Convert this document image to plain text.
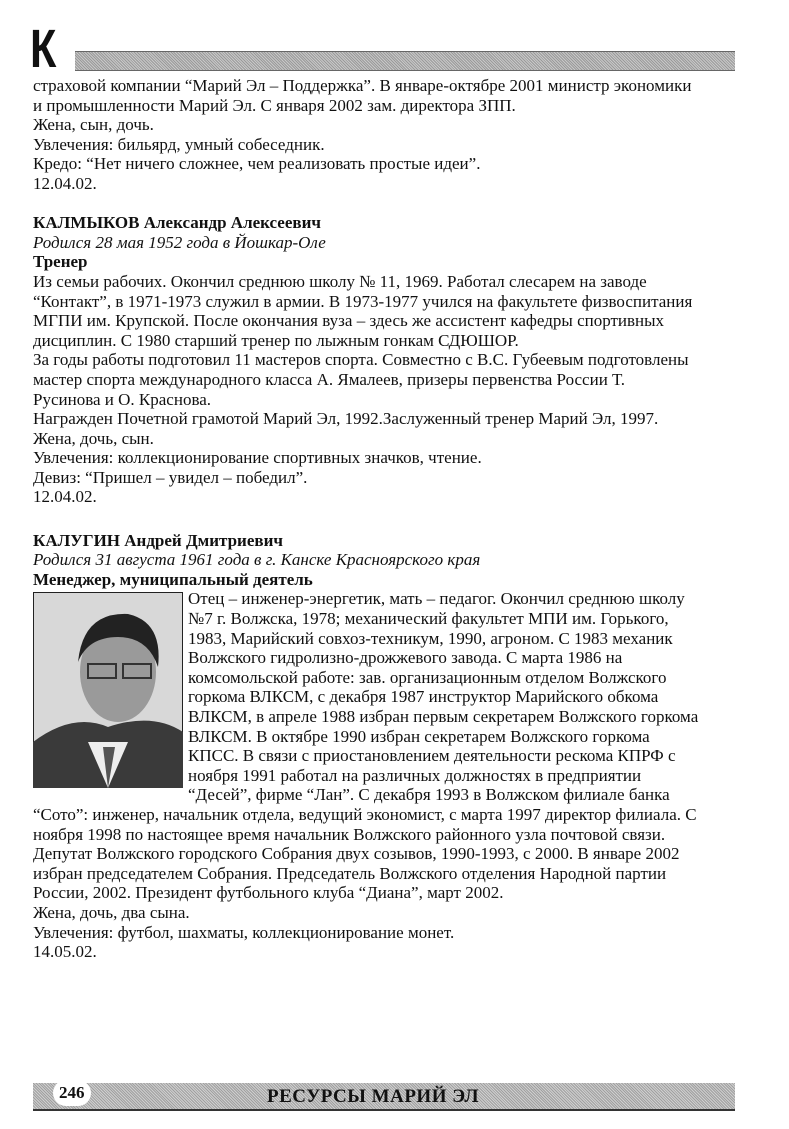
К
страховой компании “Марий Эл – Поддержка”. В январе-октябре 2001 министр экономики
и промышленности Марий Эл. С января 2002 зам. директора ЗПП.
Жена, сын, дочь.
Увлечения: бильярд, умный собеседник.
Кредо: “Нет ничего сложнее, чем реализовать простые идеи”.
12.04.02.
КАЛМЫКОВ Александр Алексеевич
Родился 28 мая 1952 года в Йошкар-Оле
Тренер
Из семьи рабочих. Окончил среднюю школу № 11, 1969. Работал слесарем на заводе
“Контакт”, в 1971-1973 служил в армии. В 1973-1977 учился на факультете физвоспитания
МГПИ им. Крупской. После окончания вуза – здесь же ассистент кафедры спортивных
дисциплин. С 1980 старший тренер по лыжным гонкам СДЮШОР.
За годы работы подготовил 11 мастеров спорта. Совместно с В.С. Губеевым подготовлены
мастер спорта международного класса А. Ямалеев, призеры первенства России Т.
Русинова и О. Краснова.
Награжден Почетной грамотой Марий Эл, 1992.Заслуженный тренер Марий Эл, 1997.
Жена, дочь, сын.
Увлечения: коллекционирование спортивных значков, чтение.
Девиз: “Пришел – увидел – победил”.
12.04.02.
КАЛУГИН Андрей Дмитриевич
Родился 31 августа 1961 года в г. Канске Красноярского края
Менеджер, муниципальный деятель
Отец – инженер-энергетик, мать – педагог. Окончил среднюю школу
№7 г. Волжска, 1978; механический факультет МПИ им. Горького,
1983, Марийский совхоз-техникум, 1990, агроном. С 1983 механик
Волжского гидролизно-дрожжевого завода. С марта 1986 на
комсомольской работе: зав. организационным отделом Волжского
горкома ВЛКСМ, с декабря 1987 инструктор Марийского обкома
ВЛКСМ, в апреле 1988 избран первым секретарем Волжского горкома
ВЛКСМ. В октябре 1990 избран секретарем Волжского горкома
КПСС. В связи с приостановлением деятельности рескома КПРФ с
ноября 1991 работал на различных должностях в предприятии
“Десей”, фирме “Лан”. С декабря 1993 в Волжском филиале банка
“Сото”: инженер, начальник отдела, ведущий экономист, с марта 1997 директор филиала. С
ноября 1998 по настоящее время начальник Волжского районного узла почтовой связи.
Депутат Волжского городского Собрания двух созывов, 1990-1993, с 2000. В январе 2002
избран председателем Собрания. Председатель Волжского отделения Народной партии
России, 2002. Президент футбольного клуба “Диана”, март 2002.
Жена, дочь, два сына.
Увлечения: футбол, шахматы, коллекционирование монет.
14.05.02.
246	РЕСУРСЫ МАРИЙ ЭЛ
